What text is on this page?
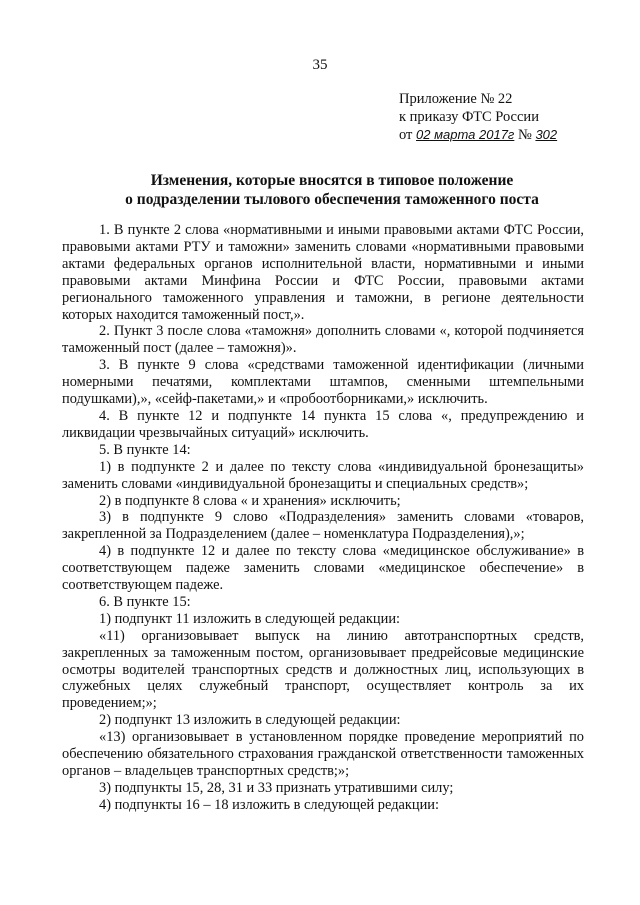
35
Приложение № 22
к приказу ФТС России
от 02 марта 2017г № 302
Изменения, которые вносятся в типовое положение
о подразделении тылового обеспечения таможенного поста

1. В пункте 2 слова «нормативными и иными правовыми актами ФТС России, правовыми актами РТУ и таможни» заменить словами «нормативными правовыми актами федеральных органов исполнительной власти, нормативными и иными правовыми актами Минфина России и ФТС России, правовыми актами регионального таможенного управления и таможни, в регионе деятельности которых находится таможенный пост,».

2. Пункт 3 после слова «таможня» дополнить словами «, которой подчиняется таможенный пост (далее – таможня)».

3. В пункте 9 слова «средствами таможенной идентификации (личными номерными печатями, комплектами штампов, сменными штемпельными подушками),», «сейф-пакетами,» и «пробоотборниками,» исключить.

4. В пункте 12 и подпункте 14 пункта 15 слова «, предупреждению и ликвидации чрезвычайных ситуаций» исключить.

5. В пункте 14:

1) в подпункте 2 и далее по тексту слова «индивидуальной бронезащиты» заменить словами «индивидуальной бронезащиты и специальных средств»;

2) в подпункте 8 слова « и хранения» исключить;

3) в подпункте 9 слово «Подразделения» заменить словами «товаров, закрепленной за Подразделением (далее – номенклатура Подразделения),»;

4) в подпункте 12 и далее по тексту слова «медицинское обслуживание» в соответствующем падеже заменить словами «медицинское обеспечение» в соответствующем падеже.

6. В пункте 15:

1) подпункт 11 изложить в следующей редакции:

«11) организовывает выпуск на линию автотранспортных средств, закрепленных за таможенным постом, организовывает предрейсовые медицинские осмотры водителей транспортных средств и должностных лиц, использующих в служебных целях служебный транспорт, осуществляет контроль за их проведением;»;

2) подпункт 13 изложить в следующей редакции:

«13) организовывает в установленном порядке проведение мероприятий по обеспечению обязательного страхования гражданской ответственности таможенных органов – владельцев транспортных средств;»;

3) подпункты 15, 28, 31 и 33 признать утратившими силу;

4) подпункты 16 – 18 изложить в следующей редакции:
